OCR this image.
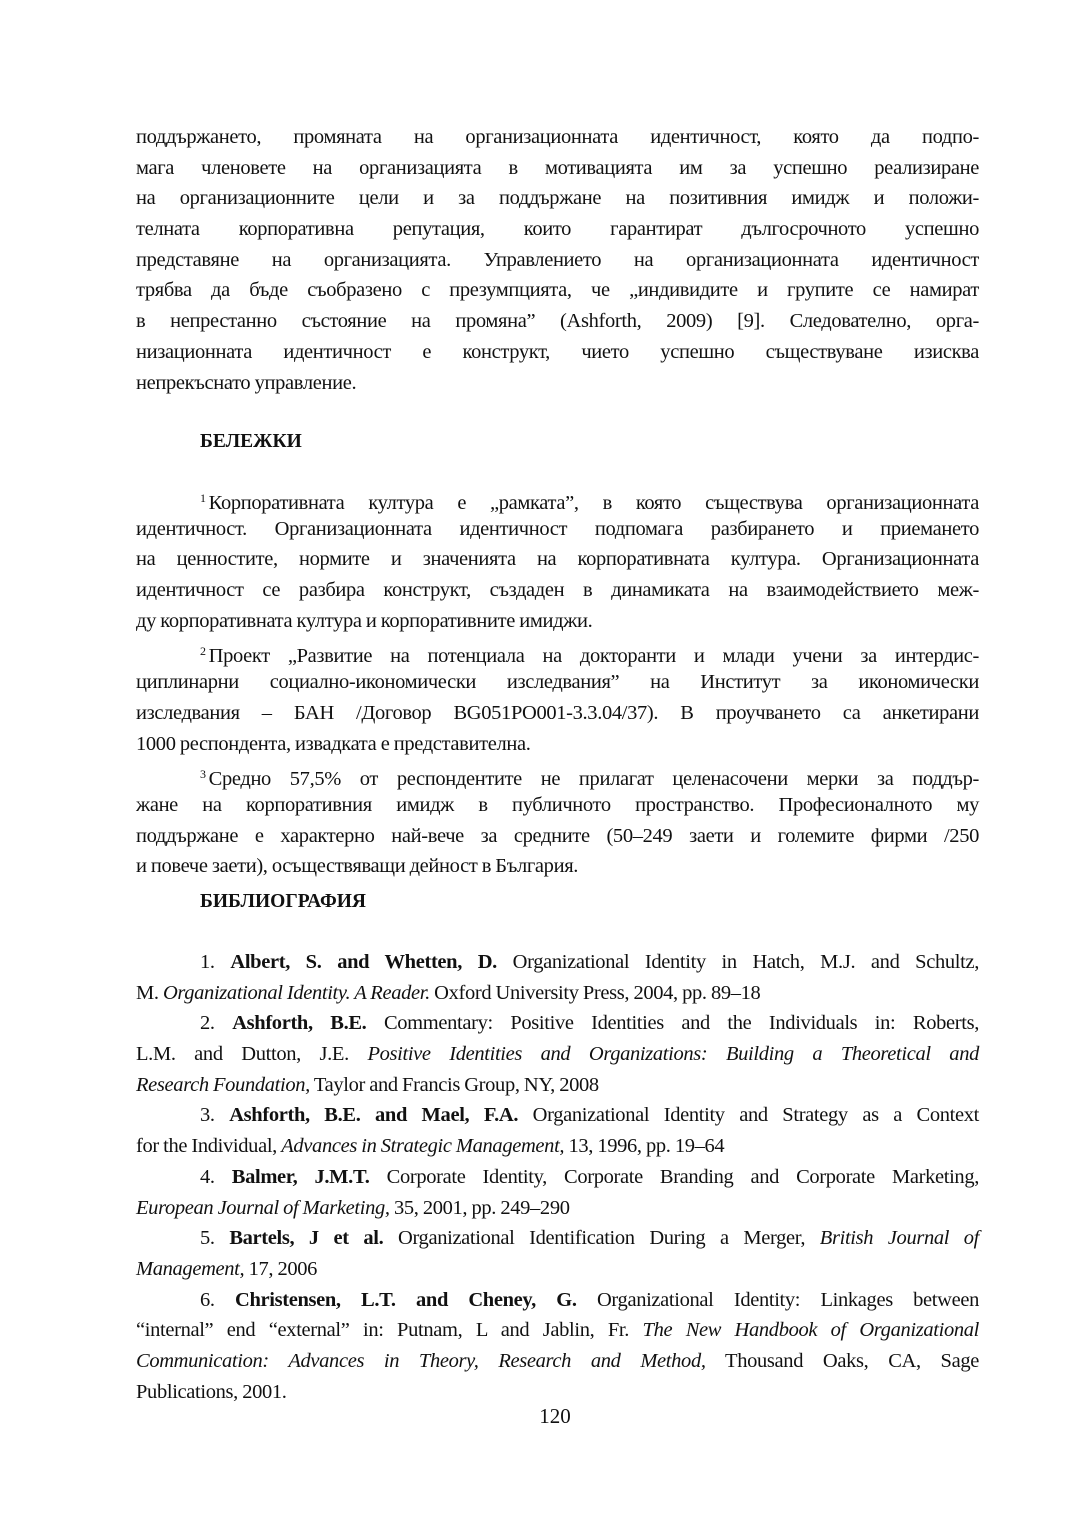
поддържането, промяната на организационната идентичност, която да подпо-
мага членовете на организацията в мотивацията им за успешно реализиране
на организационните цели и за поддържане на позитивния имидж и положи-
телната корпоративна репутация, които гарантират дългосрочното успешно
представяне на организацията. Управлението на организационната идентичност
трябва да бъде съобразено с презумпцията, че „индивидите и групите се намират
в непрестанно състояние на промяна” (Ashforth, 2009) [9]. Следователно, орга-
низационната идентичност е конструкт, чието успешно съществуване изисква
непрекъснато управление.
БЕЛЕЖКИ
$^1$ Корпоративната култура е „рамката”, в която съществува организационната
идентичност. Организационната идентичност подпомага разбирането и приемането
на ценностите, нормите и значенията на корпоративната култура. Организационната
идентичност се разбира конструкт, създаден в динамиката на взаимодействието меж-
ду корпоративната култура и корпоративните имиджи.
$^2$ Проект „Развитие на потенциала на докторанти и млади учени за интердис-
циплинарни социално-икономически изследвания” на Институт за икономически
изследвания – БАН /Договор BG051PO001-3.3.04/37). В проучването са анкетирани
1000 респондента, извадката е представителна.
$^3$ Средно 57,5% от респондентите не прилагат целенасочени мерки за поддър-
жане на корпоративния имидж в публичното пространство. Професионалното му
поддържане е характерно най-вече за средните (50–249 заети и големите фирми /250
и повече заети), осъществяващи дейност в България.
БИБЛИОГРАФИЯ
1. Albert, S. and Whetten, D. Organizational Identity in Hatch, M.J. and Schultz,
M. Organizational Identity. A Reader. Oxford University Press, 2004, pp. 89–18
2. Ashforth, B.E. Commentary: Positive Identities and the Individuals in: Roberts,
L.M. and Dutton, J.E. Positive Identities and Organizations: Building a Theoretical and
Research Foundation, Taylor and Francis Group, NY, 2008
3. Ashforth, B.E. and Mael, F.A. Organizational Identity and Strategy as a Context
for the Individual, Advances in Strategic Management, 13, 1996, pp. 19–64
4. Balmer, J.M.T. Corporate Identity, Corporate Branding and Corporate Marketing,
European Journal of Marketing, 35, 2001, pp. 249–290
5. Bartels, J et al. Organizational Identification During a Merger, British Journal of
Management, 17, 2006
6. Christensen, L.T. and Cheney, G. Organizational Identity: Linkages between
“internal” end “external” in: Putnam, L and Jablin, Fr. The New Handbook of Organizational
Communication: Advances in Theory, Research and Method, Thousand Oaks, CA, Sage
Publications, 2001.
120
